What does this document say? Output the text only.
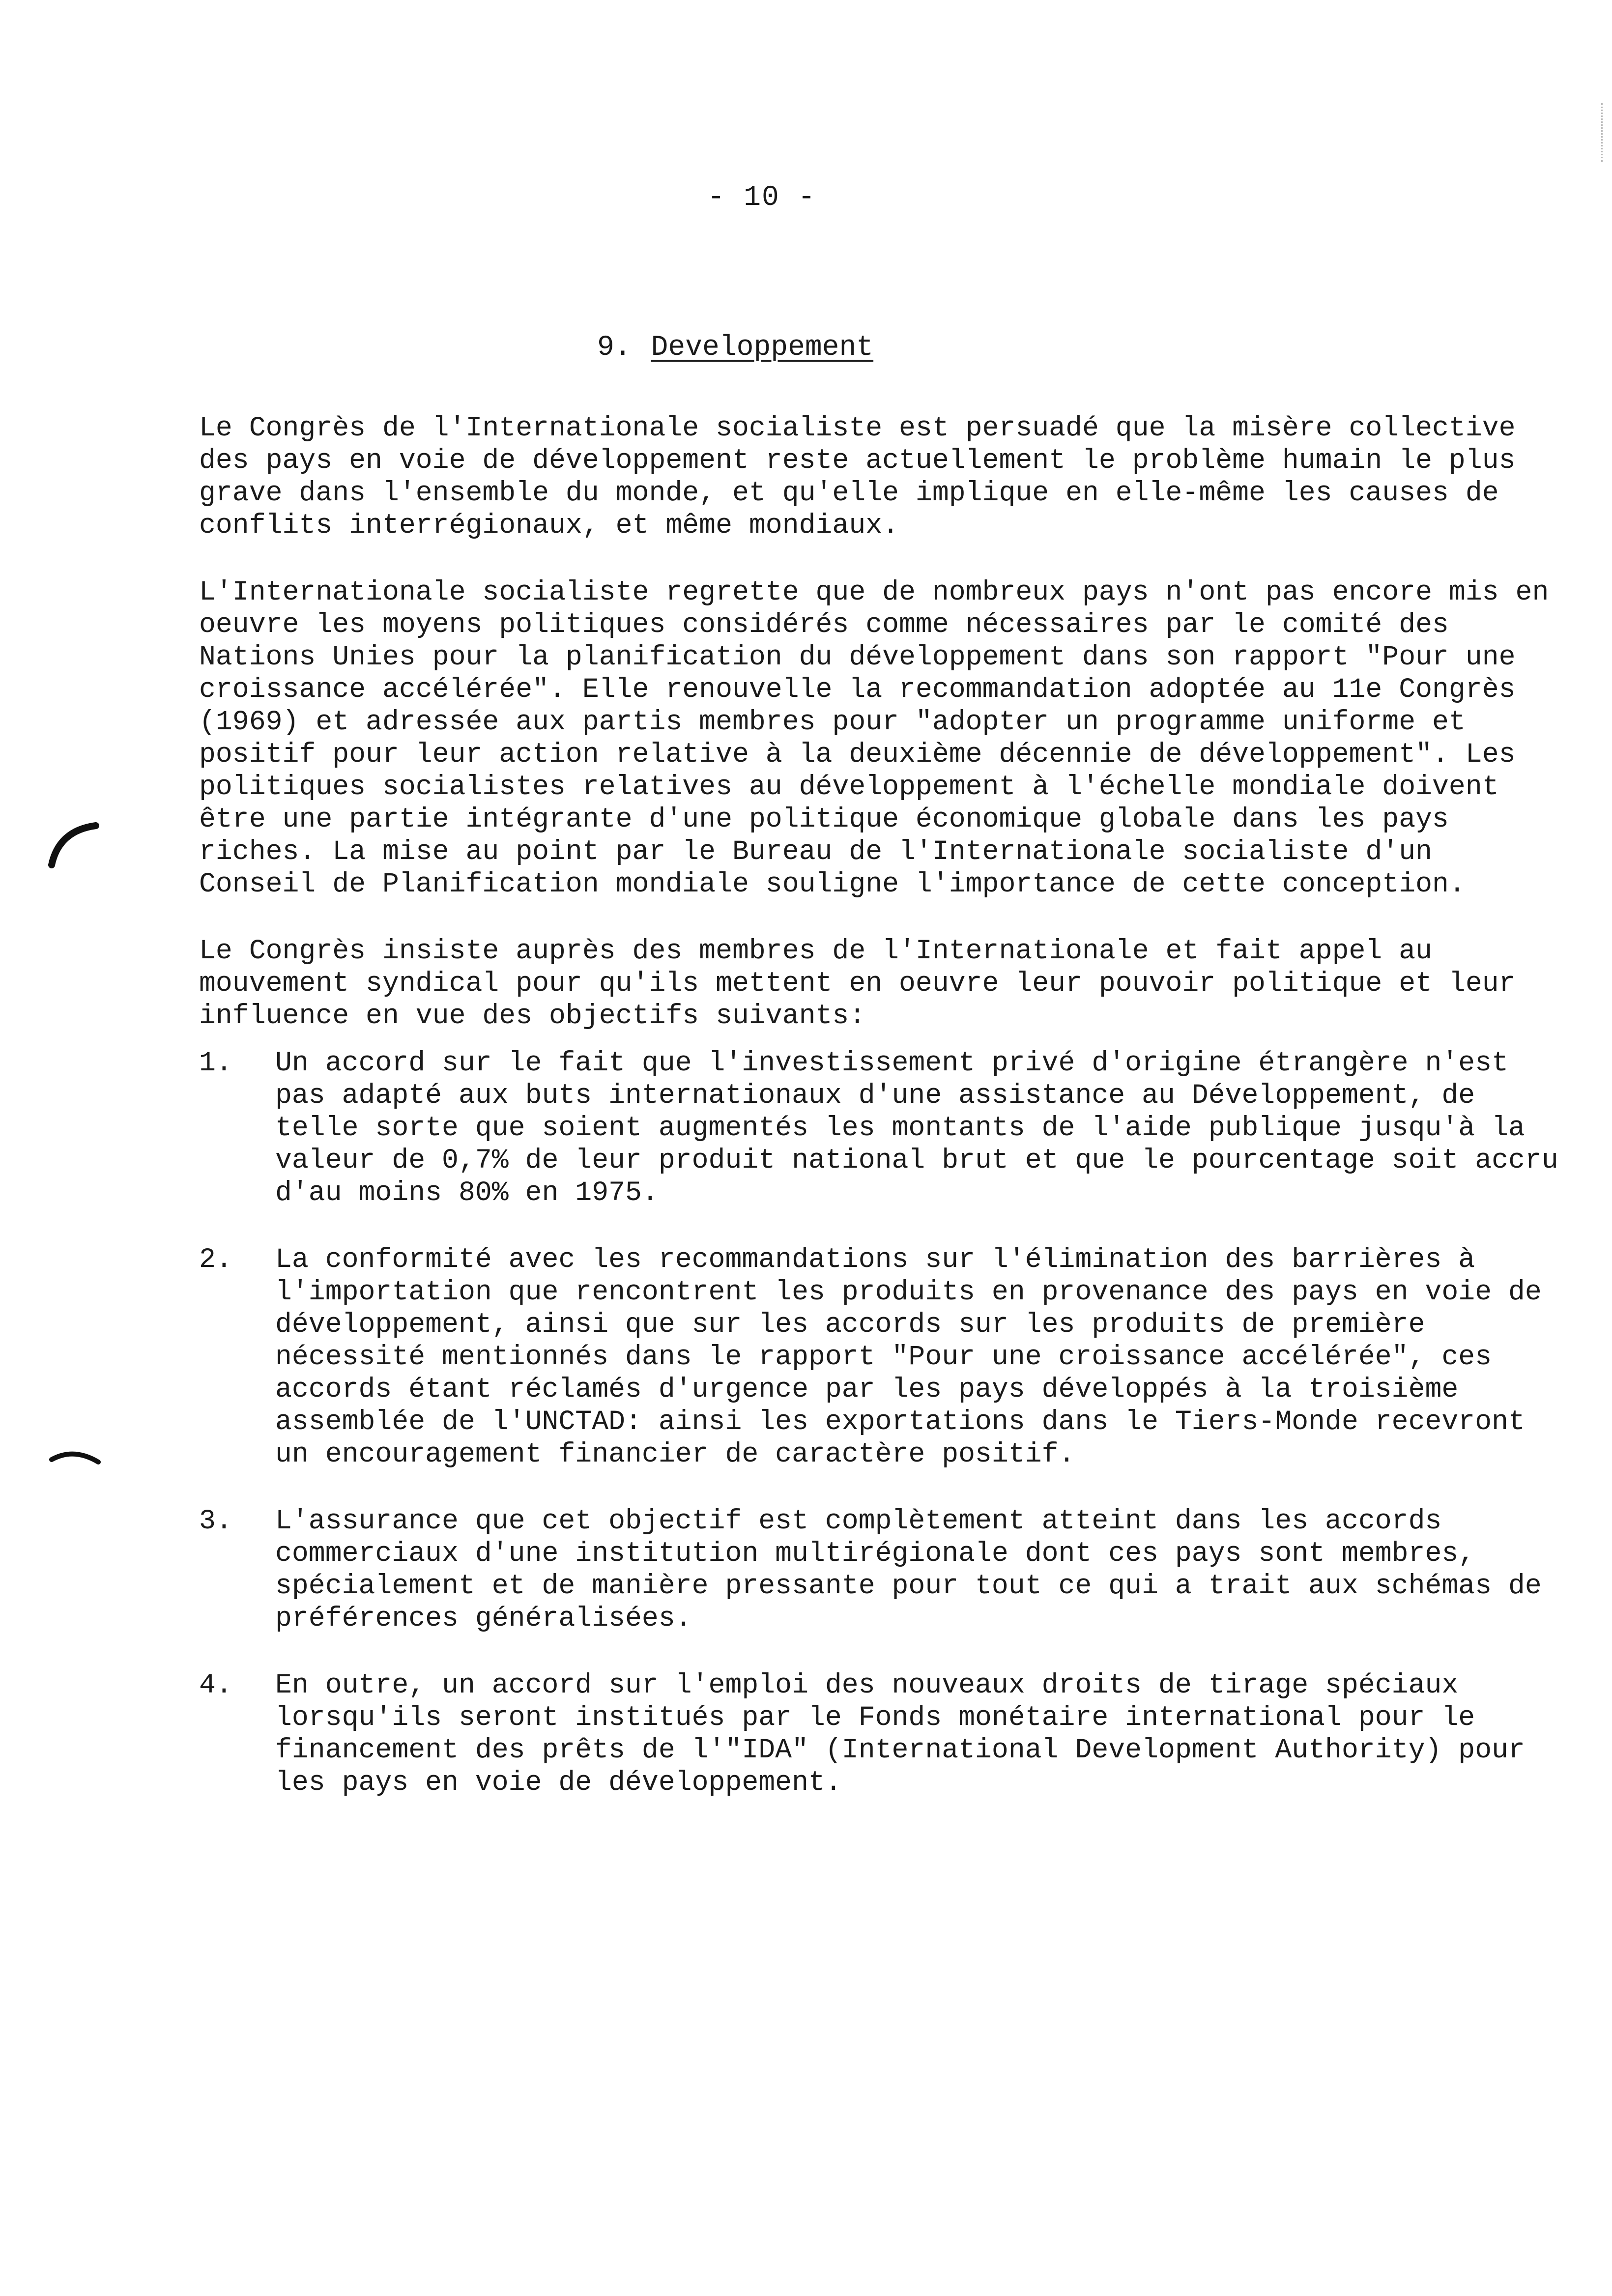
- 10 -
9. Developpement

Le Congrès de l'Internationale socialiste est persuadé que la misère collective des pays en voie de développement reste actuellement le problème humain le plus grave dans l'ensemble du monde, et qu'elle implique en elle-même les causes de conflits interrégionaux, et même mondiaux.

L'Internationale socialiste regrette que de nombreux pays n'ont pas encore mis en oeuvre les moyens politiques considérés comme nécessaires par le comité des Nations Unies pour la planification du développement dans son rapport "Pour une croissance accélérée". Elle renouvelle la recommandation adoptée au 11e Congrès (1969) et adressée aux partis membres pour "adopter un programme uniforme et positif pour leur action relative à la deuxième décennie de développement". Les politiques socialistes relatives au développement à l'échelle mondiale doivent être une partie intégrante d'une politique économique globale dans les pays riches. La mise au point par le Bureau de l'Internationale socialiste d'un Conseil de Planification mondiale souligne l'importance de cette conception.

Le Congrès insiste auprès des membres de l'Internationale et fait appel au mouvement syndical pour qu'ils mettent en oeuvre leur pouvoir politique et leur influence en vue des objectifs suivants:

1. Un accord sur le fait que l'investissement privé d'origine étrangère n'est pas adapté aux buts internationaux d'une assistance au Développement, de telle sorte que soient augmentés les montants de l'aide publique jusqu'à la valeur de 0,7% de leur produit national brut et que le pourcentage soit accru d'au moins 80% en 1975.
2. La conformité avec les recommandations sur l'élimination des barrières à l'importation que rencontrent les produits en provenance des pays en voie de développement, ainsi que sur les accords sur les produits de première nécessité mentionnés dans le rapport "Pour une croissance accélérée", ces accords étant réclamés d'urgence par les pays développés à la troisième assemblée de l'UNCTAD: ainsi les exportations dans le Tiers-Monde recevront un encouragement financier de caractère positif.
3. L'assurance que cet objectif est complètement atteint dans les accords commerciaux d'une institution multirégionale dont ces pays sont membres, spécialement et de manière pressante pour tout ce qui a trait aux schémas de préférences généralisées.
4. En outre, un accord sur l'emploi des nouveaux droits de tirage spéciaux lorsqu'ils seront institués par le Fonds monétaire international pour le financement des prêts de l'"IDA" (International Development Authority) pour les pays en voie de développement.
